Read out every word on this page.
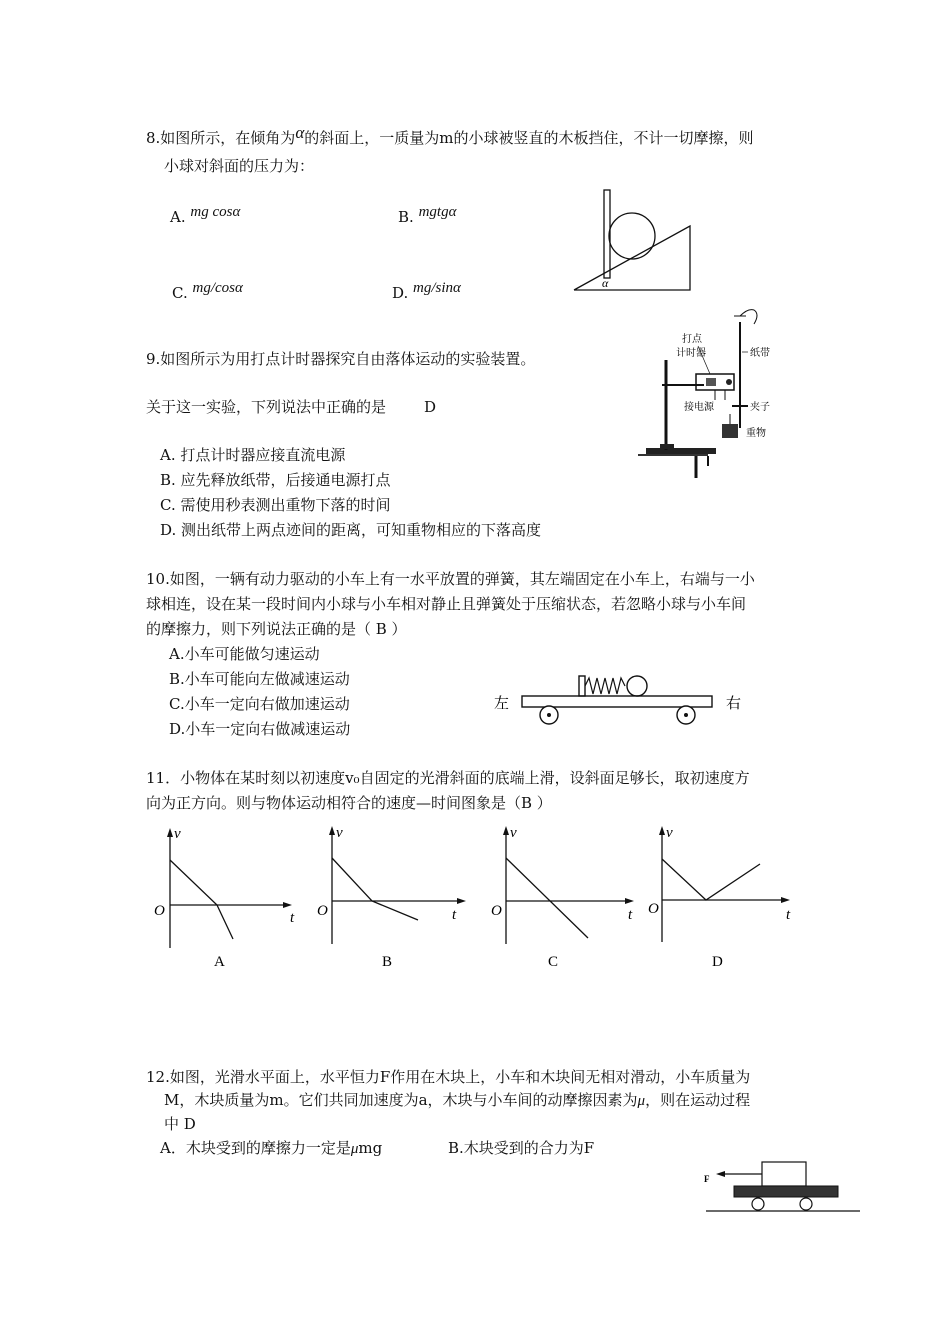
8.如图所示，在倾角为α的斜面上，一质量为m的小球被竖直的木板挡住，不计一切摩擦，则
小球对斜面的压力为：
A. mg cosα	B. mgtgα
C. mg/cosα	D. mg/sinα	α
9.如图所示为用打点计时器探究自由落体运动的实验装置。
关于这一实验，下列说法中正确的是	D
A. 打点计时器应接直流电源
B. 应先释放纸带，后接通电源打点
C. 需使用秒表测出重物下落的时间
D. 测出纸带上两点迹间的距离，可知重物相应的下落高度
打点
计时器	纸带
接电源	夹子
重物
10.如图，一辆有动力驱动的小车上有一水平放置的弹簧，其左端固定在小车上，右端与一小
球相连，设在某一段时间内小球与小车相对静止且弹簧处于压缩状态，若忽略小球与小车间
的摩擦力，则下列说法正确的是（ B ）
A.小车可能做匀速运动
B.小车可能向左做减速运动
C.小车一定向右做加速运动
D.小车一定向右做减速运动
左	右
11．小物体在某时刻以初速度v₀自固定的光滑斜面的底端上滑，设斜面足够长，取初速度方
向为正方向。则与物体运动相符合的速度—时间图象是（B ）
v
O	t
A
v
O	t
B
v
O	t
C
v
O	t
D
12.如图，光滑水平面上，水平恒力F作用在木块上，小车和木块间无相对滑动，小车质量为
M，木块质量为m。它们共同加速度为a，木块与小车间的动摩擦因素为μ，则在运动过程
中 D
A．木块受到的摩擦力一定是μmg	B.木块受到的合力为F
F
